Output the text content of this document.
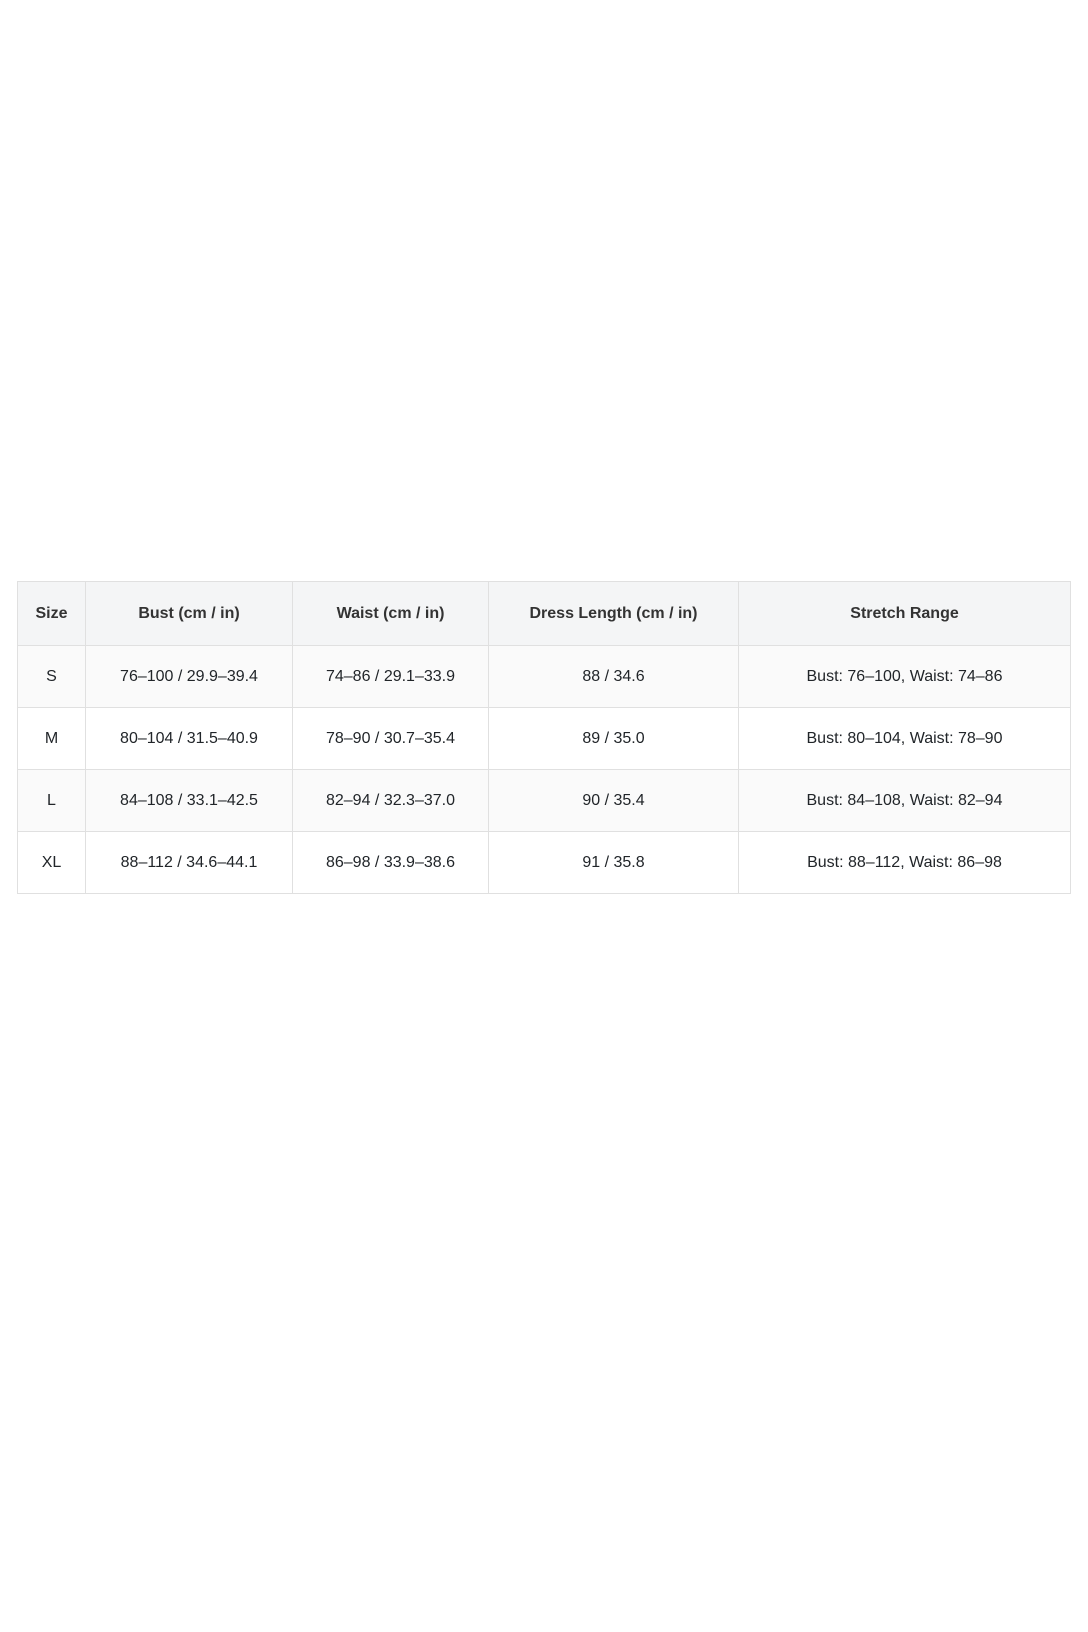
Size	Bust (cm / in)	Waist (cm / in)	Dress Length (cm / in)	Stretch Range
S	76–100 / 29.9–39.4	74–86 / 29.1–33.9	88 / 34.6	Bust: 76–100, Waist: 74–86
M	80–104 / 31.5–40.9	78–90 / 30.7–35.4	89 / 35.0	Bust: 80–104, Waist: 78–90
L	84–108 / 33.1–42.5	82–94 / 32.3–37.0	90 / 35.4	Bust: 84–108, Waist: 82–94
XL	88–112 / 34.6–44.1	86–98 / 33.9–38.6	91 / 35.8	Bust: 88–112, Waist: 86–98
